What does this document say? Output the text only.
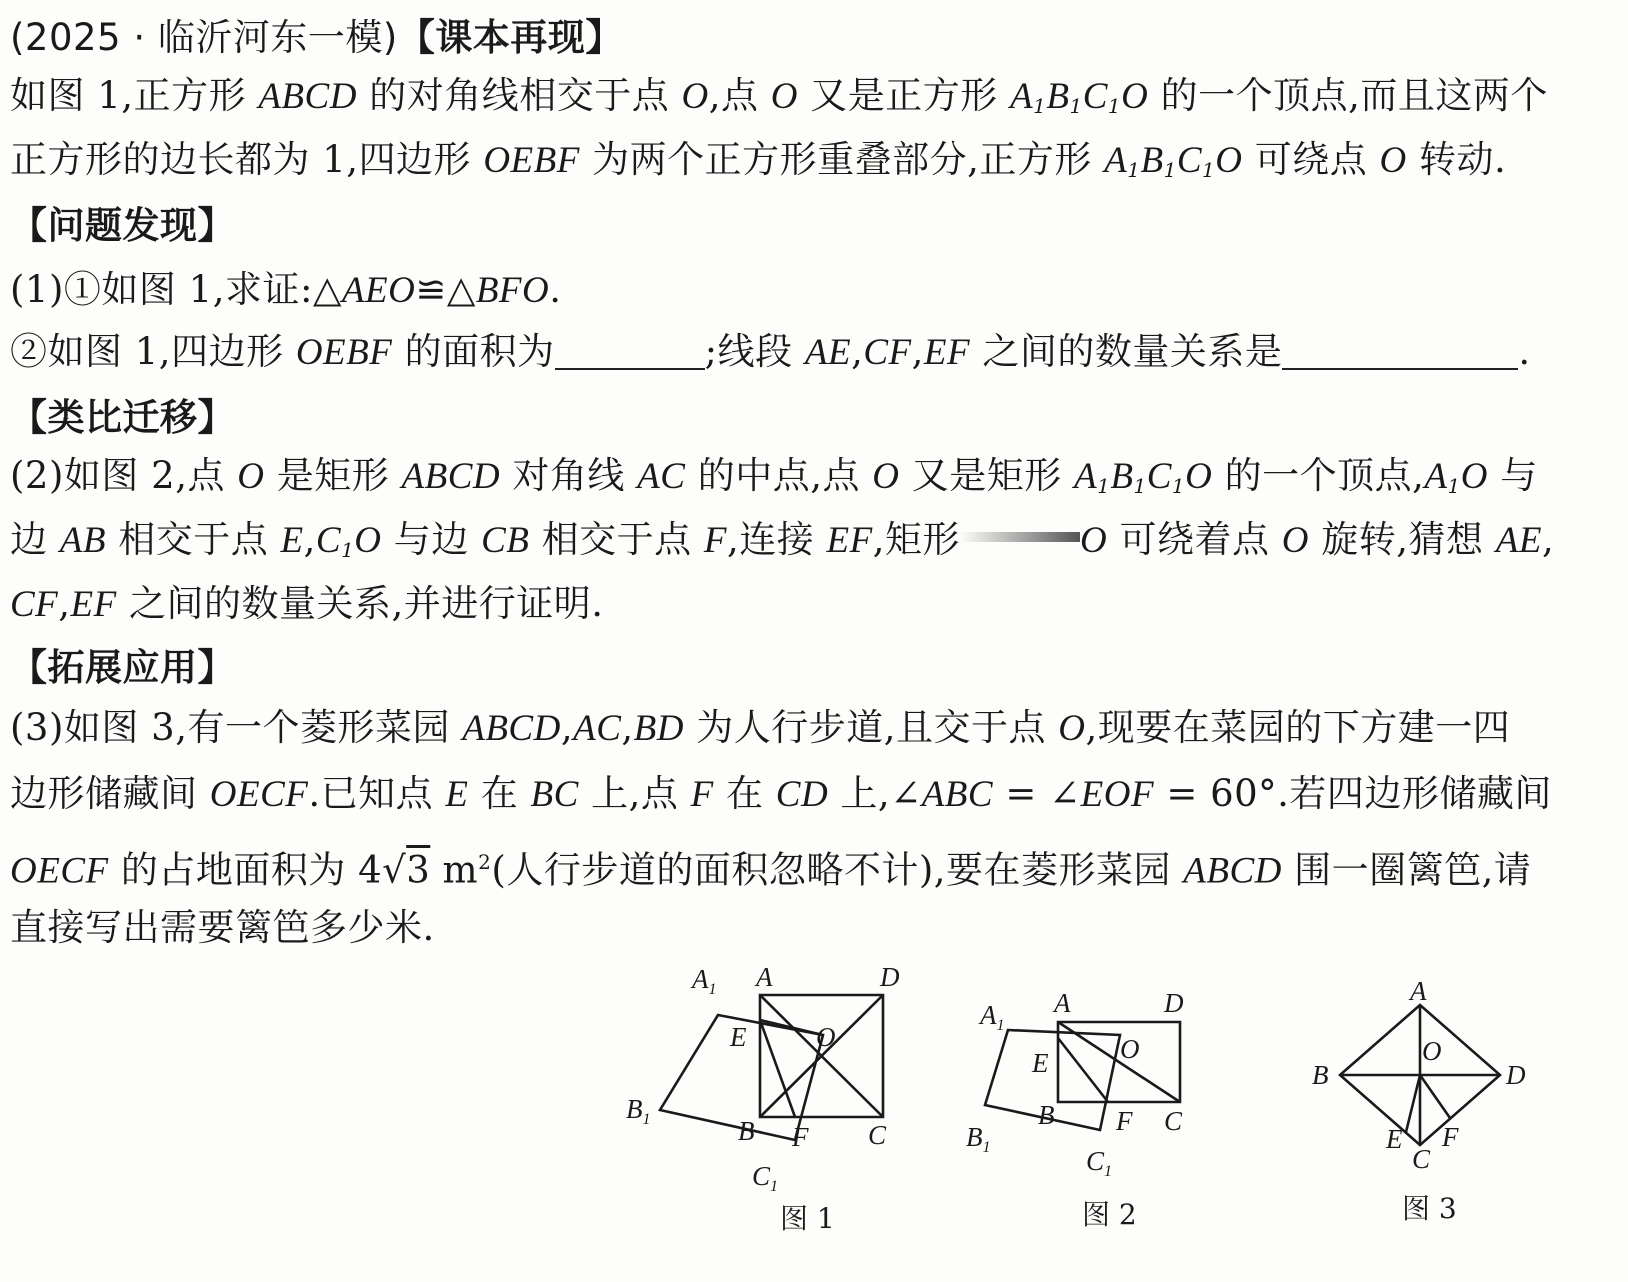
(2025 · 临沂河东一模)【课本再现】
如图 1,正方形 ABCD 的对角线相交于点 O,点 O 又是正方形 $A_1B_1C_1O$ 的一个顶点,而且这两个
正方形的边长都为 1,四边形 OEBF 为两个正方形重叠部分,正方形 $A_1B_1C_1O$ 可绕点 O 转动.
【问题发现】
(1)①如图 1,求证:△AEO≌△BFO.
②如图 1,四边形 OEBF 的面积为	;线段 AE,CF,EF 之间的数量关系是	.
【类比迁移】
(2)如图 2,点 O 是矩形 ABCD 对角线 AC 的中点,点 O 又是矩形 $A_1B_1C_1O$ 的一个顶点$,A_1O$ 与
边 AB 相交于点 $E,C_1O$ 与边 CB 相交于点 F,连接 EF,矩形	O 可绕着点 O 旋转,猜想 AE,
CF,EF 之间的数量关系,并进行证明.
【拓展应用】
(3)如图 3,有一个菱形菜园 ABCD,AC,BD 为人行步道,且交于点 O,现要在菜园的下方建一四
边形储藏间 OECF.已知点 E 在 BC 上,点 F 在 CD 上,∠ABC = ∠EOF = 60°.若四边形储藏间
OECF 的占地面积为 4√3 $m^2$(人行步道的面积忽略不计),要在菱形菜园 ABCD 围一圈篱笆,请
直接写出需要篱笆多少米.
$A_1$ A	D
E	O
$B_1$	B F C
$C_1$
图 1
$A_1$
A	D
E	O
B F C
$B_1$	$C_1$
图 2
A
O
B	D
E
C
F
图 3
